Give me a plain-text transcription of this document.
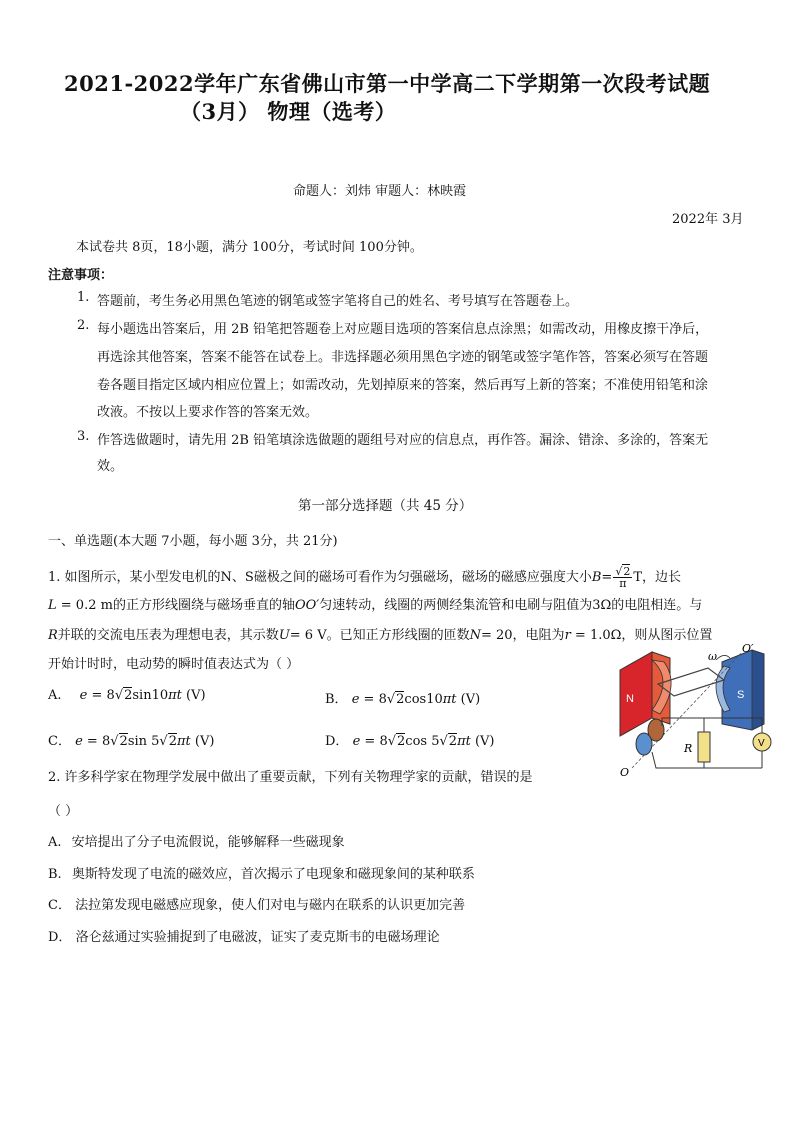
2021-2022学年广东省佛山市第一中学高二下学期第一次段考试题
（3月） 物理（选考）
命题人：刘炜 审题人：林映霞
2022年 3月
本试卷共 8页，18小题，满分 100分，考试时间 100分钟。
注意事项：
1. 答题前，考生务必用黑色笔迹的钢笔或签字笔将自己的姓名、考号填写在答题卷上。
2. 每小题选出答案后，用 2B 铅笔把答题卷上对应题目选项的答案信息点涂黑；如需改动，用橡皮擦干净后，
再选涂其他答案，答案不能答在试卷上。非选择题必须用黑色字迹的钢笔或签字笔作答，答案必须写在答题
卷各题目指定区域内相应位置上；如需改动，先划掉原来的答案，然后再写上新的答案；不准使用铅笔和涂
改液。不按以上要求作答的答案无效。
3. 作答选做题时，请先用 2B 铅笔填涂选做题的题组号对应的信息点，再作答。漏涂、错涂、多涂的，答案无
效。
第一部分选择题（共 45 分）
一、单选题(本大题 7小题，每小题 3分，共 21分)
1. 如图所示，某小型发电机的N、S磁极之间的磁场可看作为匀强磁场，磁场的磁感应强度大小$B= \frac{√2}{\pi}$ T，边长
L = 0.2 m的正方形线圈绕与磁场垂直的轴OO′匀速转动，线圈的两侧经集流管和电刷与阻值为3Ω的电阻相连。与
R并联的交流电压表为理想电表，其示数U= 6 V。已知正方形线圈的匝数N= 20，电阻为r = 1.0Ω，则从图示位置
开始计时时，电动势的瞬时值表达式为（ ）
A. e = 8√2sin10πt (V)	B． e = 8√2cos10πt (V)
C． e = 8√2sin 5√2πt (V)	D． e = 8√2cos 5√2πt (V)
N	S
O′
ω
O
R	V
2. 许多科学家在物理学发展中做出了重要贡献，下列有关物理学家的贡献，错误的是
（ ）
A. 安培提出了分子电流假说，能够解释一些磁现象
B. 奥斯特发现了电流的磁效应，首次揭示了电现象和磁现象间的某种联系
C． 法拉第发现电磁感应现象，使人们对电与磁内在联系的认识更加完善
D． 洛仑兹通过实验捕捉到了电磁波，证实了麦克斯韦的电磁场理论
